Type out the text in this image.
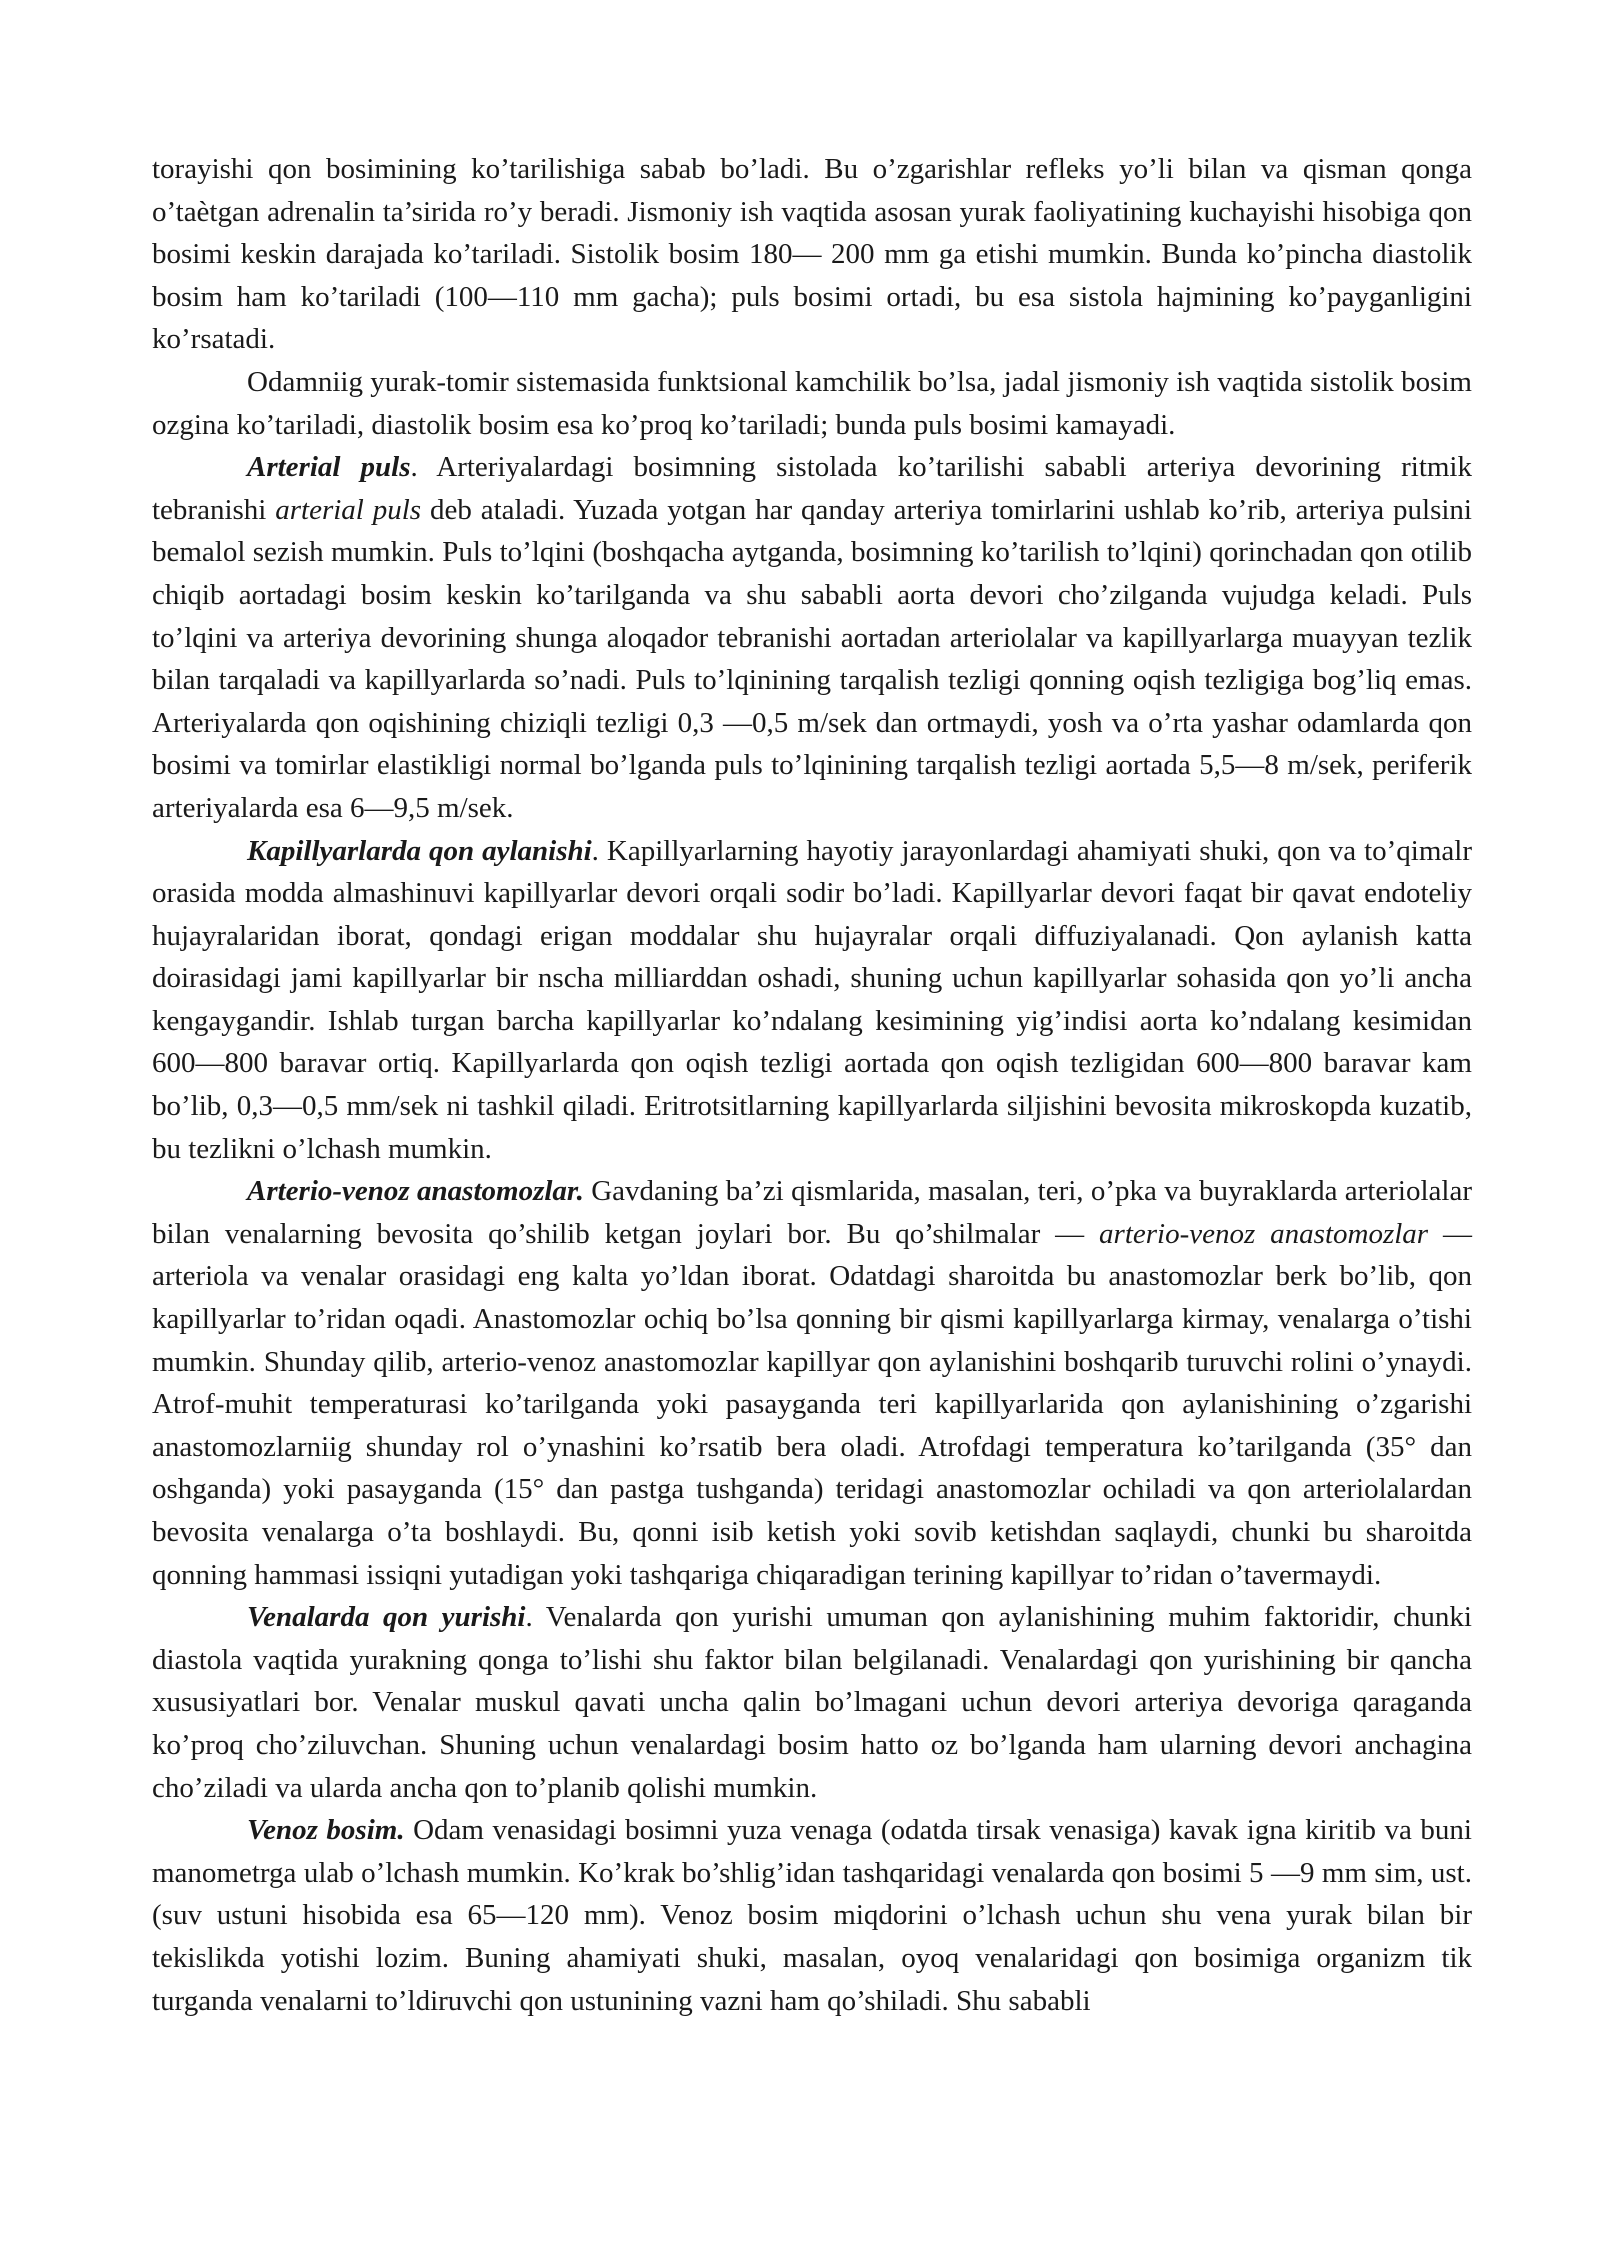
torayishi qon bosimining ko’tarilishiga sabab bo’ladi. Bu o’zgarishlar refleks yo’li bilan va qisman qonga o’taètgan adrenalin ta’sirida ro’y beradi. Jismoniy ish vaqtida asosan yurak faoliyatining kuchayishi hisobiga qon bosimi keskin darajada ko’tariladi. Sistolik bosim 180— 200 mm ga etishi mumkin. Bunda ko’pincha diastolik bosim ham ko’tariladi (100—110 mm gacha); puls bosimi ortadi, bu esa sistola hajmining ko’payganligini ko’rsatadi.

Odamniig yurak-tomir sistemasida funktsional kamchilik bo’lsa, jadal jismoniy ish vaqtida sistolik bosim ozgina ko’tariladi, diastolik bosim esa ko’proq ko’tariladi; bunda puls bosimi kamayadi.

Arterial puls. Arteriyalardagi bosimning sistolada ko’tarilishi sababli arteriya devorining ritmik tebranishi arterial puls deb ataladi. Yuzada yotgan har qanday arteriya tomirlarini ushlab ko’rib, arteriya pulsini bemalol sezish mumkin. Puls to’lqini (boshqacha aytganda, bosimning ko’tarilish to’lqini) qorinchadan qon otilib chiqib aortadagi bosim keskin ko’tarilganda va shu sababli aorta devori cho’zilganda vujudga keladi. Puls to’lqini va arteriya devorining shunga aloqador tebranishi aortadan arteriolalar va kapillyarlarga muayyan tezlik bilan tarqaladi va kapillyarlarda so’nadi. Puls to’lqinining tarqalish tezligi qonning oqish tezligiga bog’liq emas. Arteriyalarda qon oqishining chiziqli tezligi 0,3 —0,5 m/sek dan ortmaydi, yosh va o’rta yashar odamlarda qon bosimi va tomirlar elastikligi normal bo’lganda puls to’lqinining tarqalish tezligi aortada 5,5—8 m/sek, periferik arteriyalarda esa 6—9,5 m/sek.

Kapillyarlarda qon aylanishi. Kapillyarlarning hayotiy jarayonlardagi ahamiyati shuki, qon va to’qimalr orasida modda almashinuvi kapillyarlar devori orqali sodir bo’ladi. Kapillyarlar devori faqat bir qavat endoteliy hujayralaridan iborat, qondagi erigan moddalar shu hujayralar orqali diffuziyalanadi. Qon aylanish katta doirasidagi jami kapillyarlar bir nscha milliarddan oshadi, shuning uchun kapillyarlar sohasida qon yo’li ancha kengaygandir. Ishlab turgan barcha kapillyarlar ko’ndalang kesimining yig’indisi aorta ko’ndalang kesimidan 600—800 baravar ortiq. Kapillyarlarda qon oqish tezligi aortada qon oqish tezligidan 600—800 baravar kam bo’lib, 0,3—0,5 mm/sek ni tashkil qiladi. Eritrotsitlarning kapillyarlarda siljishini bevosita mikroskopda kuzatib, bu tezlikni o’lchash mumkin.

Arterio-venoz anastomozlar. Gavdaning ba’zi qismlarida, masalan, teri, o’pka va buyraklarda arteriolalar bilan venalarning bevosita qo’shilib ketgan joylari bor. Bu qo’shilmalar — arterio-venoz anastomozlar — arteriola va venalar orasidagi eng kalta yo’ldan iborat. Odatdagi sharoitda bu anastomozlar berk bo’lib, qon kapillyarlar to’ridan oqadi. Anastomozlar ochiq bo’lsa qonning bir qismi kapillyarlarga kirmay, venalarga o’tishi mumkin. Shunday qilib, arterio-venoz anastomozlar kapillyar qon aylanishini boshqarib turuvchi rolini o’ynaydi. Atrof-muhit temperaturasi ko’tarilganda yoki pasayganda teri kapillyarlarida qon aylanishining o’zgarishi anastomozlarniig shunday rol o’ynashini ko’rsatib bera oladi. Atrofdagi temperatura ko’tarilganda (35° dan oshganda) yoki pasayganda (15° dan pastga tushganda) teridagi anastomozlar ochiladi va qon arteriolalardan bevosita venalarga o’ta boshlaydi. Bu, qonni isib ketish yoki sovib ketishdan saqlaydi, chunki bu sharoitda qonning hammasi issiqni yutadigan yoki tashqariga chiqaradigan terining kapillyar to’ridan o’tavermaydi.

Venalarda qon yurishi. Venalarda qon yurishi umuman qon aylanishining muhim faktoridir, chunki diastola vaqtida yurakning qonga to’lishi shu faktor bilan belgilanadi. Venalardagi qon yurishining bir qancha xususiyatlari bor. Venalar muskul qavati uncha qalin bo’lmagani uchun devori arteriya devoriga qaraganda ko’proq cho’ziluvchan. Shuning uchun venalardagi bosim hatto oz bo’lganda ham ularning devori anchagina cho’ziladi va ularda ancha qon to’planib qolishi mumkin.

Venoz bosim. Odam venasidagi bosimni yuza venaga (odatda tirsak venasiga) kavak igna kiritib va buni manometrga ulab o’lchash mumkin. Ko’krak bo’shlig’idan tashqaridagi venalarda qon bosimi 5 —9 mm sim, ust. (suv ustuni hisobida esa 65—120 mm). Venoz bosim miqdorini o’lchash uchun shu vena yurak bilan bir tekislikda yotishi lozim. Buning ahamiyati shuki, masalan, oyoq venalaridagi qon bosimiga organizm tik turganda venalarni to’ldiruvchi qon ustunining vazni ham qo’shiladi. Shu sababli
